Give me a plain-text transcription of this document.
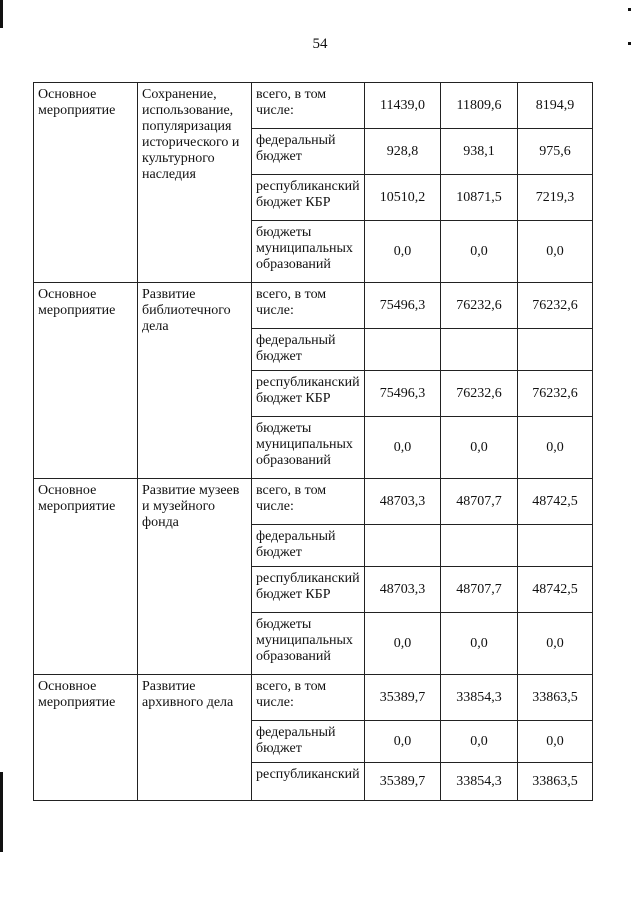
54
Основное мероприятие	Сохранение, использование, популяризация исторического и культурного наследия	всего, в том числе:	11439,0	11809,6	8194,9
		федеральный бюджет	928,8	938,1	975,6
		республиканский бюджет КБР	10510,2	10871,5	7219,3
		бюджеты муниципальных образований	0,0	0,0	0,0
Основное мероприятие	Развитие библиотечного дела	всего, в том числе:	75496,3	76232,6	76232,6
		федеральный бюджет			
		республиканский бюджет КБР	75496,3	76232,6	76232,6
		бюджеты муниципальных образований	0,0	0,0	0,0
Основное мероприятие	Развитие музеев и музейного фонда	всего, в том числе:	48703,3	48707,7	48742,5
		федеральный бюджет			
		республиканский бюджет КБР	48703,3	48707,7	48742,5
		бюджеты муниципальных образований	0,0	0,0	0,0
Основное мероприятие	Развитие архивного дела	всего, в том числе:	35389,7	33854,3	33863,5
		федеральный бюджет	0,0	0,0	0,0
		республиканский	35389,7	33854,3	33863,5
